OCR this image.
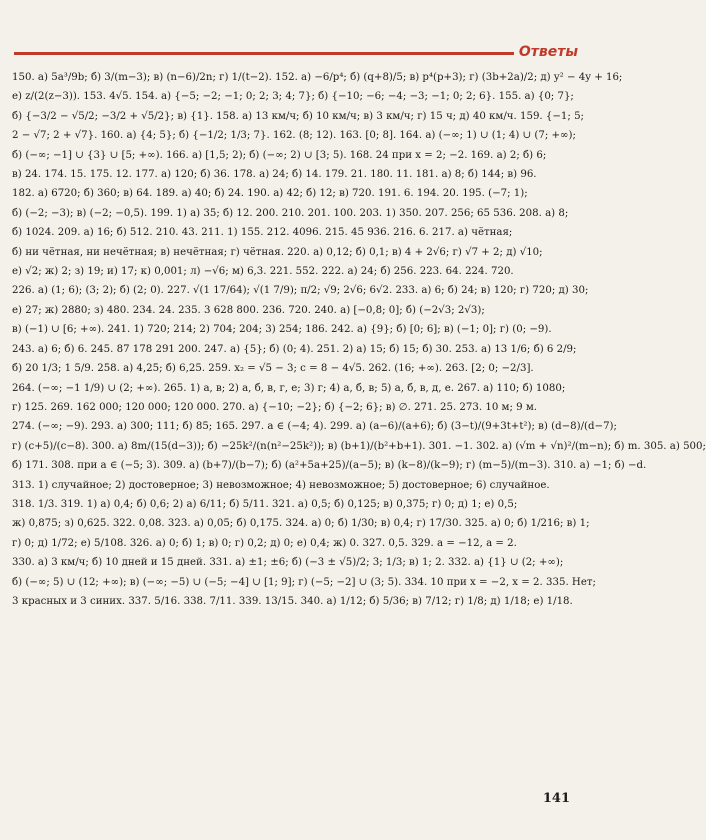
Ответы
150. а) 5a³/9b; б) 3/(m−3); в) (n−6)/2n; г) 1/(t−2). 152. а) −6/p⁴; б) (q+8)/5; в) p⁴(p+3); г) (3b+2a)/2; д) y² − 4y + 16;
е) z/(2(z−3)). 153. 4√5. 154. а) {−5; −2; −1; 0; 2; 3; 4; 7}; б) {−10; −6; −4; −3; −1; 0; 2; 6}. 155. а) {0; 7};
б) {−3/2 − √5/2; −3/2 + √5/2}; в) {1}. 158. а) 13 км/ч; б) 10 км/ч; в) 3 км/ч; г) 15 ч; д) 40 км/ч. 159. {−1; 5;
2 − √7; 2 + √7}. 160. а) {4; 5}; б) {−1/2; 1/3; 7}. 162. (8; 12). 163. [0; 8]. 164. а) (−∞; 1) ∪ (1; 4) ∪ (7; +∞);
б) (−∞; −1] ∪ {3} ∪ [5; +∞). 166. а) [1,5; 2); б) (−∞; 2) ∪ [3; 5). 168. 24 при x = 2; −2. 169. а) 2; б) 6;
в) 24. 174. 15. 175. 12. 177. а) 120; б) 36. 178. а) 24; б) 14. 179. 21. 180. 11. 181. а) 8; б) 144; в) 96.
182. а) 6720; б) 360; в) 64. 189. а) 40; б) 24. 190. а) 42; б) 12; в) 720. 191. 6. 194. 20. 195. (−7; 1);
б) (−2; −3); в) (−2; −0,5). 199. 1) а) 35; б) 12. 200. 210. 201. 100. 203. 1) 350. 207. 256; 65 536. 208. а) 8;
б) 1024. 209. а) 16; б) 512. 210. 43. 211. 1) 155. 212. 4096. 215. 45 936. 216. 6. 217. а) чётная;
б) ни чётная, ни нечётная; в) нечётная; г) чётная. 220. а) 0,12; б) 0,1; в) 4 + 2√6; г) √7 + 2; д) √10;
е) √2; ж) 2; з) 19; и) 17; к) 0,001; л) −√6; м) 6,3. 221. 552. 222. а) 24; б) 256. 223. 64. 224. 720.
226. а) (1; 6); (3; 2); б) (2; 0). 227. √(1 17/64); √(1 7/9); π/2; √9; 2√6; 6√2. 233. а) 6; б) 24; в) 120; г) 720; д) 30;
е) 27; ж) 2880; з) 480. 234. 24. 235. 3 628 800. 236. 720. 240. а) [−0,8; 0]; б) (−2√3; 2√3);
в) (−1) ∪ [6; +∞). 241. 1) 720; 214; 2) 704; 204; 3) 254; 186. 242. а) {9}; б) [0; 6]; в) (−1; 0]; г) (0; −9).
243. а) 6; б) 6. 245. 87 178 291 200. 247. а) {5}; б) (0; 4). 251. 2) а) 15; б) 15; б) 30. 253. а) 13 1/6; б) 6 2/9;
б) 20 1/3; 1 5/9. 258. а) 4,25; б) 6,25. 259. x₂ = √5 − 3; c = 8 − 4√5. 262. (16; +∞). 263. [2; 0; −2/3].
264. (−∞; −1 1/9) ∪ (2; +∞). 265. 1) а, в; 2) а, б, в, г, е; 3) г; 4) а, б, в; 5) а, б, в, д, е. 267. а) 110; б) 1080;
г) 125. 269. 162 000; 120 000; 120 000. 270. а) {−10; −2}; б) {−2; 6}; в) ∅. 271. 25. 273. 10 м; 9 м.
274. (−∞; −9). 293. а) 300; 111; б) 85; 165. 297. a ∈ (−4; 4). 299. а) (a−6)/(a+6); б) (3−t)/(9+3t+t²); в) (d−8)/(d−7);
г) (c+5)/(c−8). 300. а) 8m/(15(d−3)); б) −25k²/(n(n²−25k²)); в) (b+1)/(b²+b+1). 301. −1. 302. а) (√m + √n)²/(m−n); б) m. 305. а) 500;
б) 171. 308. при a ∈ (−5; 3). 309. а) (b+7)/(b−7); б) (a²+5a+25)/(a−5); в) (k−8)/(k−9); г) (m−5)/(m−3). 310. а) −1; б) −d.
313. 1) случайное; 2) достоверное; 3) невозможное; 4) невозможное; 5) достоверное; 6) случайное.
318. 1/3. 319. 1) а) 0,4; б) 0,6; 2) а) 6/11; б) 5/11. 321. а) 0,5; б) 0,125; в) 0,375; г) 0; д) 1; е) 0,5;
ж) 0,875; з) 0,625. 322. 0,08. 323. а) 0,05; б) 0,175. 324. а) 0; б) 1/30; в) 0,4; г) 17/30. 325. а) 0; б) 1/216; в) 1;
г) 0; д) 1/72; е) 5/108. 326. а) 0; б) 1; в) 0; г) 0,2; д) 0; е) 0,4; ж) 0. 327. 0,5. 329. a = −12, a = 2.
330. а) 3 км/ч; б) 10 дней и 15 дней. 331. а) ±1; ±6; б) (−3 ± √5)/2; 3; 1/3; в) 1; 2. 332. а) {1} ∪ (2; +∞);
б) (−∞; 5) ∪ (12; +∞); в) (−∞; −5) ∪ (−5; −4] ∪ [1; 9]; г) (−5; −2] ∪ (3; 5). 334. 10 при x = −2, x = 2. 335. Нет;
3 красных и 3 синих. 337. 5/16. 338. 7/11. 339. 13/15. 340. а) 1/12; б) 5/36; в) 7/12; г) 1/8; д) 1/18; е) 1/18.
141
